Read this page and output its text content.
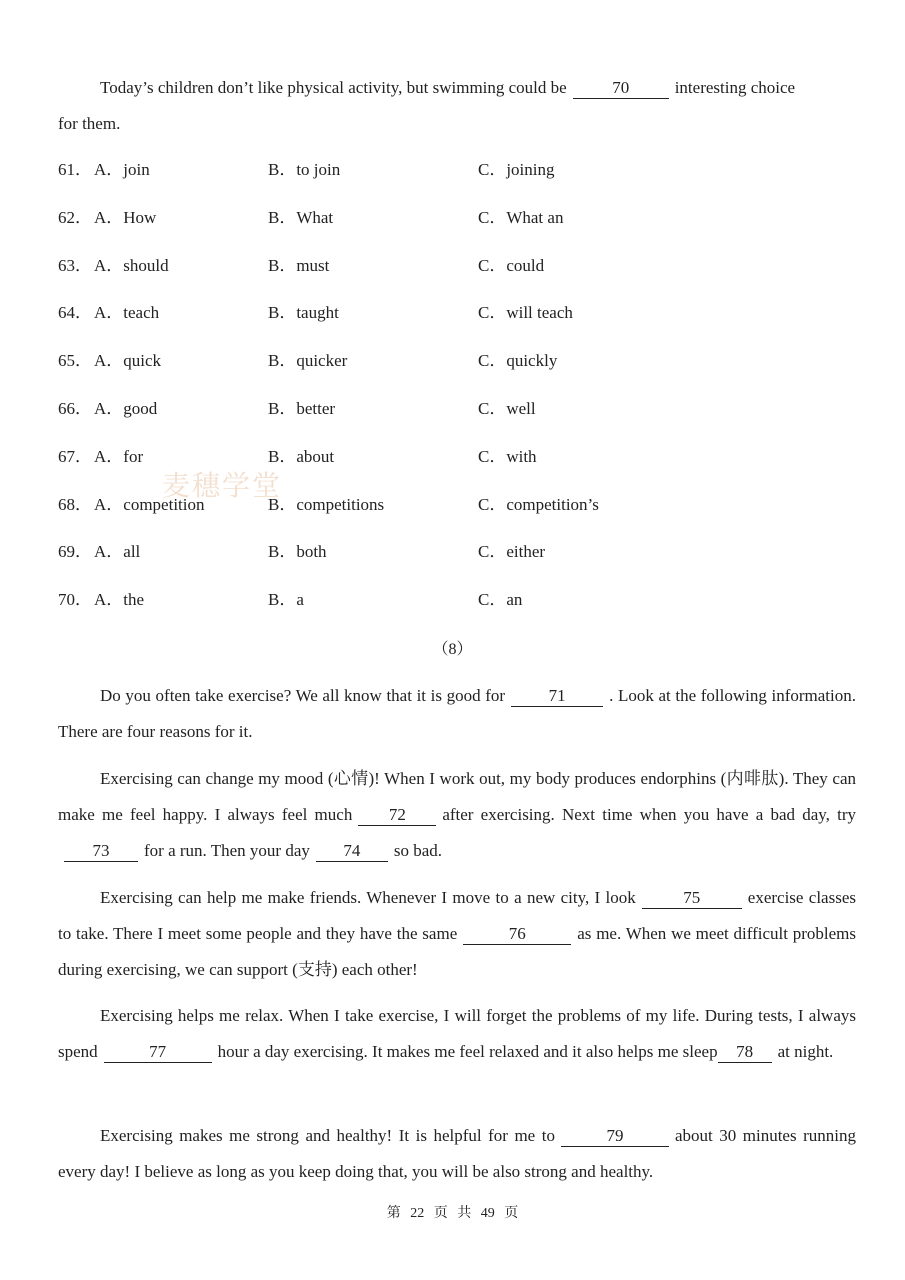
Today’s children don’t like physical activity, but swimming could be	70	interesting choice
for them.

61． A．join	B．to join	C．joining
62． A．How	B．What	C．What an
63． A．should	B．must	C．could
64． A．teach	B．taught	C．will teach
65． A．quick	B．quicker	C．quickly
66． A．good	B．better	C．well
67． A．for	B．about	C．with
68． A．competition	B．competitions	C．competition’s
69． A．all	B．both	C．either
70． A．the	B．a	C．an
麦穗学堂
（8）

Do you often take exercise? We all know that it is good for	71	. Look at the following information. There are four reasons for it.

Exercising can change my mood (心情)! When I work out, my body produces endorphins (内啡肽). They can make me feel happy. I always feel much 72 after exercising. Next time when you have a bad day, try73 for a run. Then your day 74 so bad.

Exercising can help me make friends. Whenever I move to a new city, I look	75	exercise classes to take. There I meet some people and they have the same	76	as me. When we meet difficult problems during exercising, we can support (支持) each other!

Exercising helps me relax. When I take exercise, I will forget the problems of my life. During tests, I always spend	77	hour a day exercising. It makes me feel relaxed and it also helps me sleep 78 at night.

Exercising makes me strong and healthy! It is helpful for me to	79	about 30 minutes running every day! I believe as long as you keep doing that, you will be also strong and healthy.

第 22 页 共 49 页
